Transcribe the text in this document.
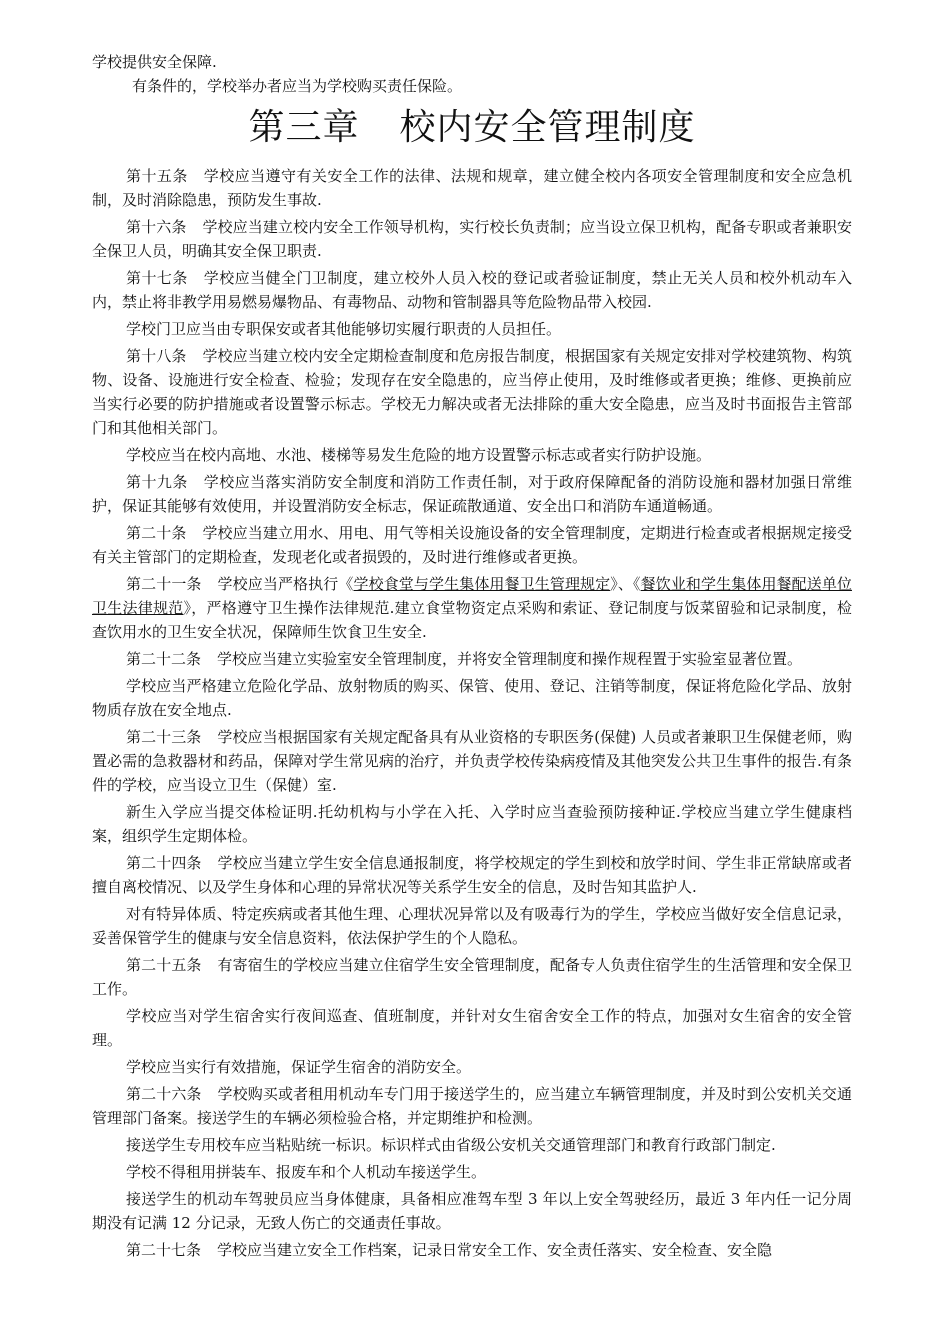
学校提供安全保障.

有条件的，学校举办者应当为学校购买责任保险。

第三章 校内安全管理制度

第十五条 学校应当遵守有关安全工作的法律、法规和规章，建立健全校内各项安全管理制度和安全应急机制，及时消除隐患，预防发生事故.

第十六条 学校应当建立校内安全工作领导机构，实行校长负责制；应当设立保卫机构，配备专职或者兼职安全保卫人员，明确其安全保卫职责.

第十七条 学校应当健全门卫制度，建立校外人员入校的登记或者验证制度，禁止无关人员和校外机动车入内，禁止将非教学用易燃易爆物品、有毒物品、动物和管制器具等危险物品带入校园.

学校门卫应当由专职保安或者其他能够切实履行职责的人员担任。

第十八条 学校应当建立校内安全定期检查制度和危房报告制度，根据国家有关规定安排对学校建筑物、构筑物、设备、设施进行安全检查、检验；发现存在安全隐患的，应当停止使用，及时维修或者更换；维修、更换前应当实行必要的防护措施或者设置警示标志。学校无力解决或者无法排除的重大安全隐患，应当及时书面报告主管部门和其他相关部门。

学校应当在校内高地、水池、楼梯等易发生危险的地方设置警示标志或者实行防护设施。

第十九条 学校应当落实消防安全制度和消防工作责任制，对于政府保障配备的消防设施和器材加强日常维护，保证其能够有效使用，并设置消防安全标志，保证疏散通道、安全出口和消防车通道畅通。

第二十条 学校应当建立用水、用电、用气等相关设施设备的安全管理制度，定期进行检查或者根据规定接受有关主管部门的定期检查，发现老化或者损毁的，及时进行维修或者更换。

第二十一条 学校应当严格执行《学校食堂与学生集体用餐卫生管理规定》、《餐饮业和学生集体用餐配送单位卫生法律规范》，严格遵守卫生操作法律规范.建立食堂物资定点采购和索证、登记制度与饭菜留验和记录制度，检查饮用水的卫生安全状况，保障师生饮食卫生安全.

第二十二条 学校应当建立实验室安全管理制度，并将安全管理制度和操作规程置于实验室显著位置。

学校应当严格建立危险化学品、放射物质的购买、保管、使用、登记、注销等制度，保证将危险化学品、放射物质存放在安全地点.

第二十三条 学校应当根据国家有关规定配备具有从业资格的专职医务(保健) 人员或者兼职卫生保健老师，购置必需的急救器材和药品，保障对学生常见病的治疗，并负责学校传染病疫情及其他突发公共卫生事件的报告.有条件的学校，应当设立卫生（保健）室.

新生入学应当提交体检证明.托幼机构与小学在入托、入学时应当查验预防接种证.学校应当建立学生健康档案，组织学生定期体检。

第二十四条 学校应当建立学生安全信息通报制度，将学校规定的学生到校和放学时间、学生非正常缺席或者擅自离校情况、以及学生身体和心理的异常状况等关系学生安全的信息，及时告知其监护人.

对有特异体质、特定疾病或者其他生理、心理状况异常以及有吸毒行为的学生，学校应当做好安全信息记录，妥善保管学生的健康与安全信息资料，依法保护学生的个人隐私。

第二十五条 有寄宿生的学校应当建立住宿学生安全管理制度，配备专人负责住宿学生的生活管理和安全保卫工作。

学校应当对学生宿舍实行夜间巡查、值班制度，并针对女生宿舍安全工作的特点，加强对女生宿舍的安全管理。

学校应当实行有效措施，保证学生宿舍的消防安全。

第二十六条 学校购买或者租用机动车专门用于接送学生的，应当建立车辆管理制度，并及时到公安机关交通管理部门备案。接送学生的车辆必须检验合格，并定期维护和检测。

接送学生专用校车应当粘贴统一标识。标识样式由省级公安机关交通管理部门和教育行政部门制定.

学校不得租用拼装车、报废车和个人机动车接送学生。

接送学生的机动车驾驶员应当身体健康，具备相应准驾车型 3 年以上安全驾驶经历，最近 3 年内任一记分周期没有记满 12 分记录，无致人伤亡的交通责任事故。

第二十七条 学校应当建立安全工作档案，记录日常安全工作、安全责任落实、安全检查、安全隐
